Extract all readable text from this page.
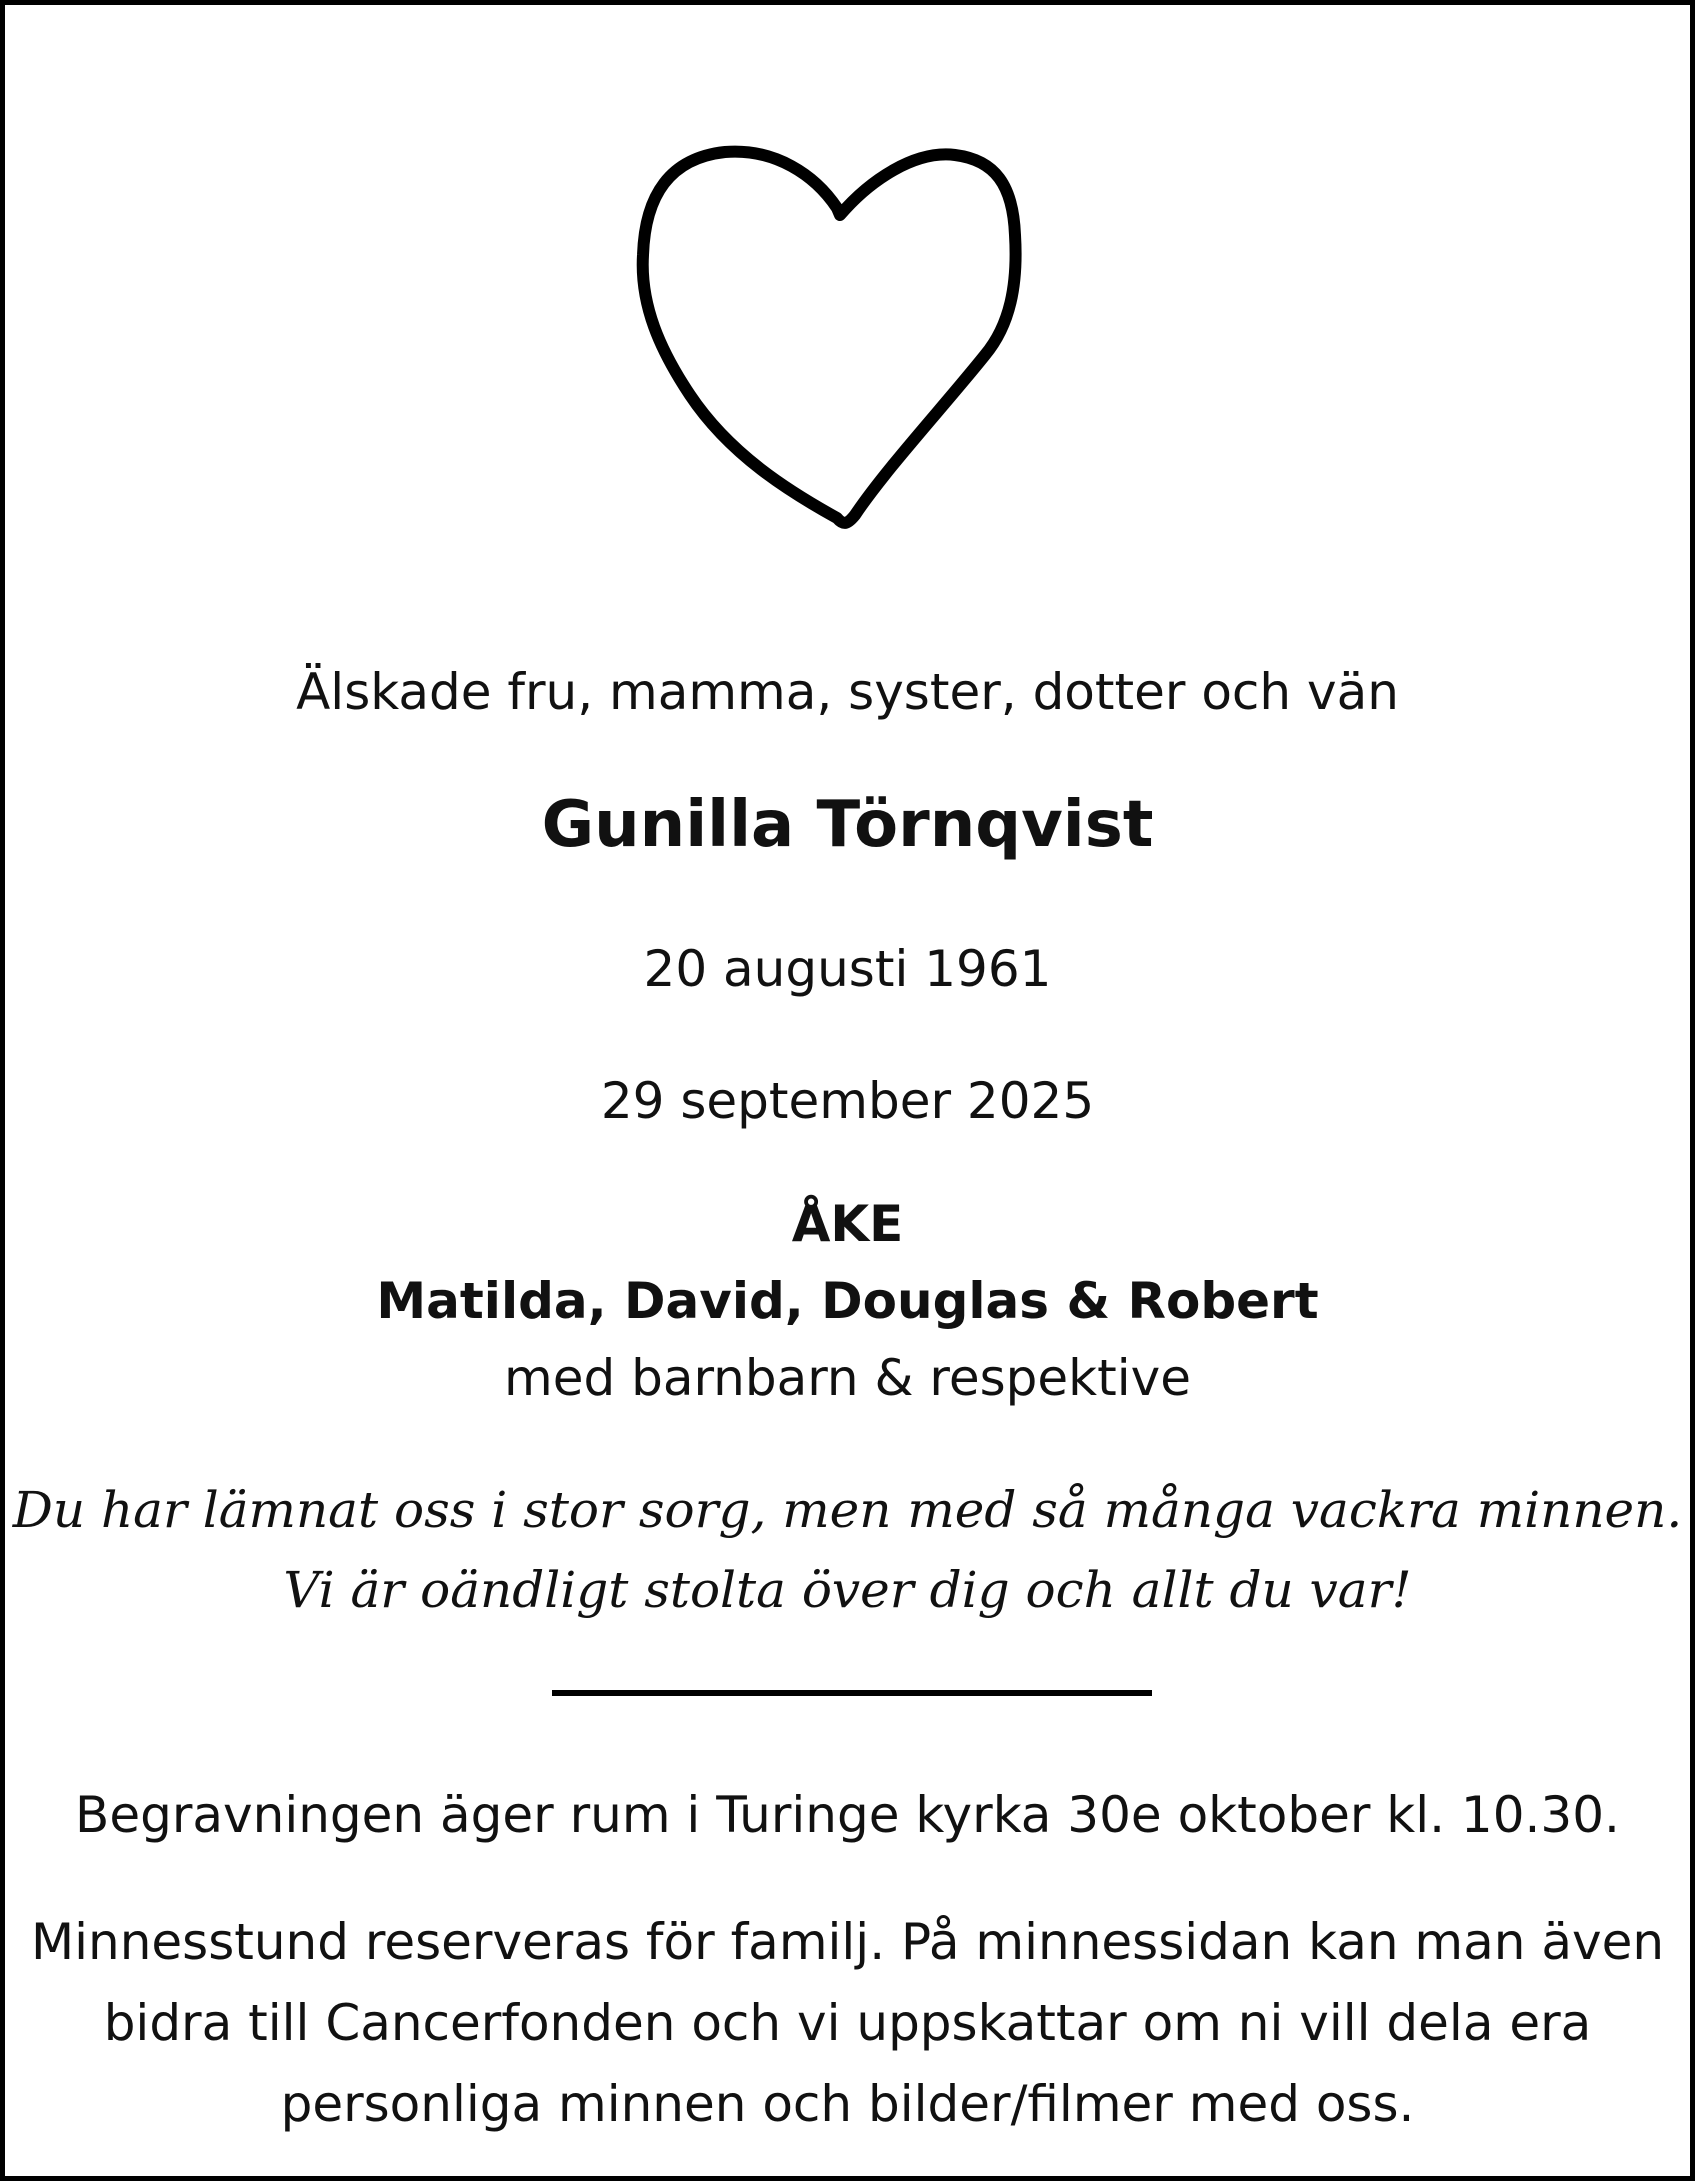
Älskade fru, mamma, syster, dotter och vän
Gunilla Törnqvist
20 augusti 1961
29 september 2025
ÅKE
Matilda, David, Douglas & Robert
med barnbarn & respektive
Du har lämnat oss i stor sorg, men med så många vackra minnen.
Vi är oändligt stolta över dig och allt du var!
Begravningen äger rum i Turinge kyrka 30e oktober kl. 10.30.
Minnesstund reserveras för familj. På minnessidan kan man även
bidra till Cancerfonden och vi uppskattar om ni vill dela era
personliga minnen och bilder/filmer med oss.
